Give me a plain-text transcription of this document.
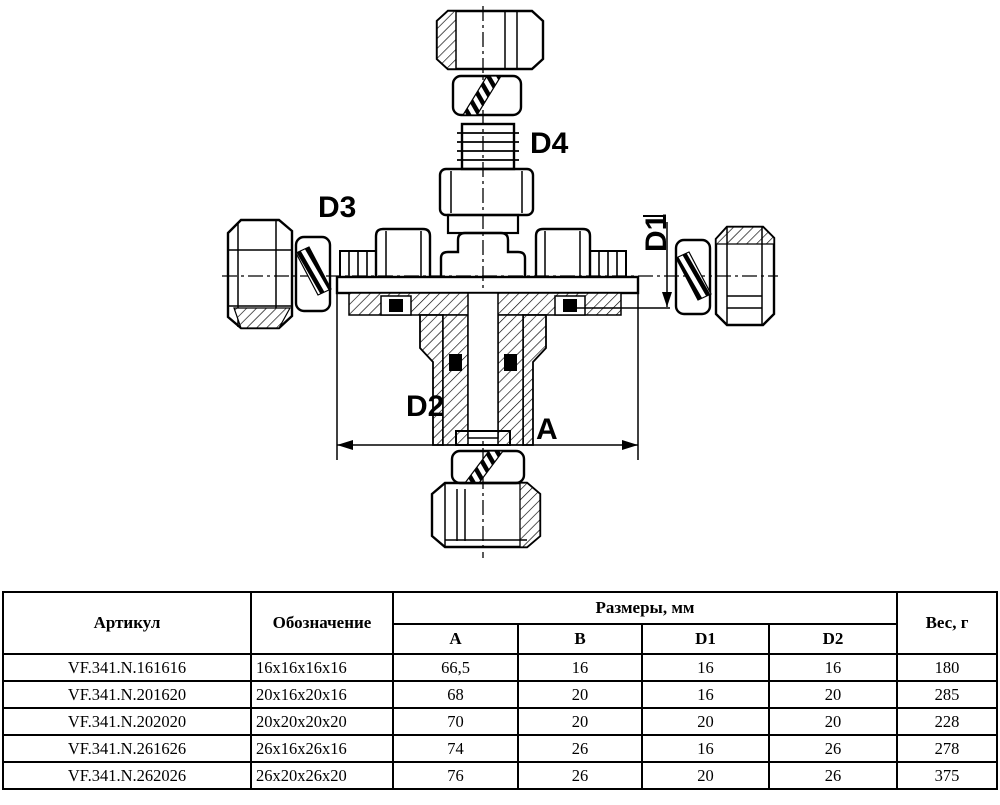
D3
D4
D2
A
D1
Артикул	Обозначение	Размеры, мм				Вес, г
		A	B	D1	D2	
VF.341.N.161616	16x16x16x16	66,5	16	16	16	180
VF.341.N.201620	20x16x20x16	68	20	16	20	285
VF.341.N.202020	20x20x20x20	70	20	20	20	228
VF.341.N.261626	26x16x26x16	74	26	16	26	278
VF.341.N.262026	26x20x26x20	76	26	20	26	375
